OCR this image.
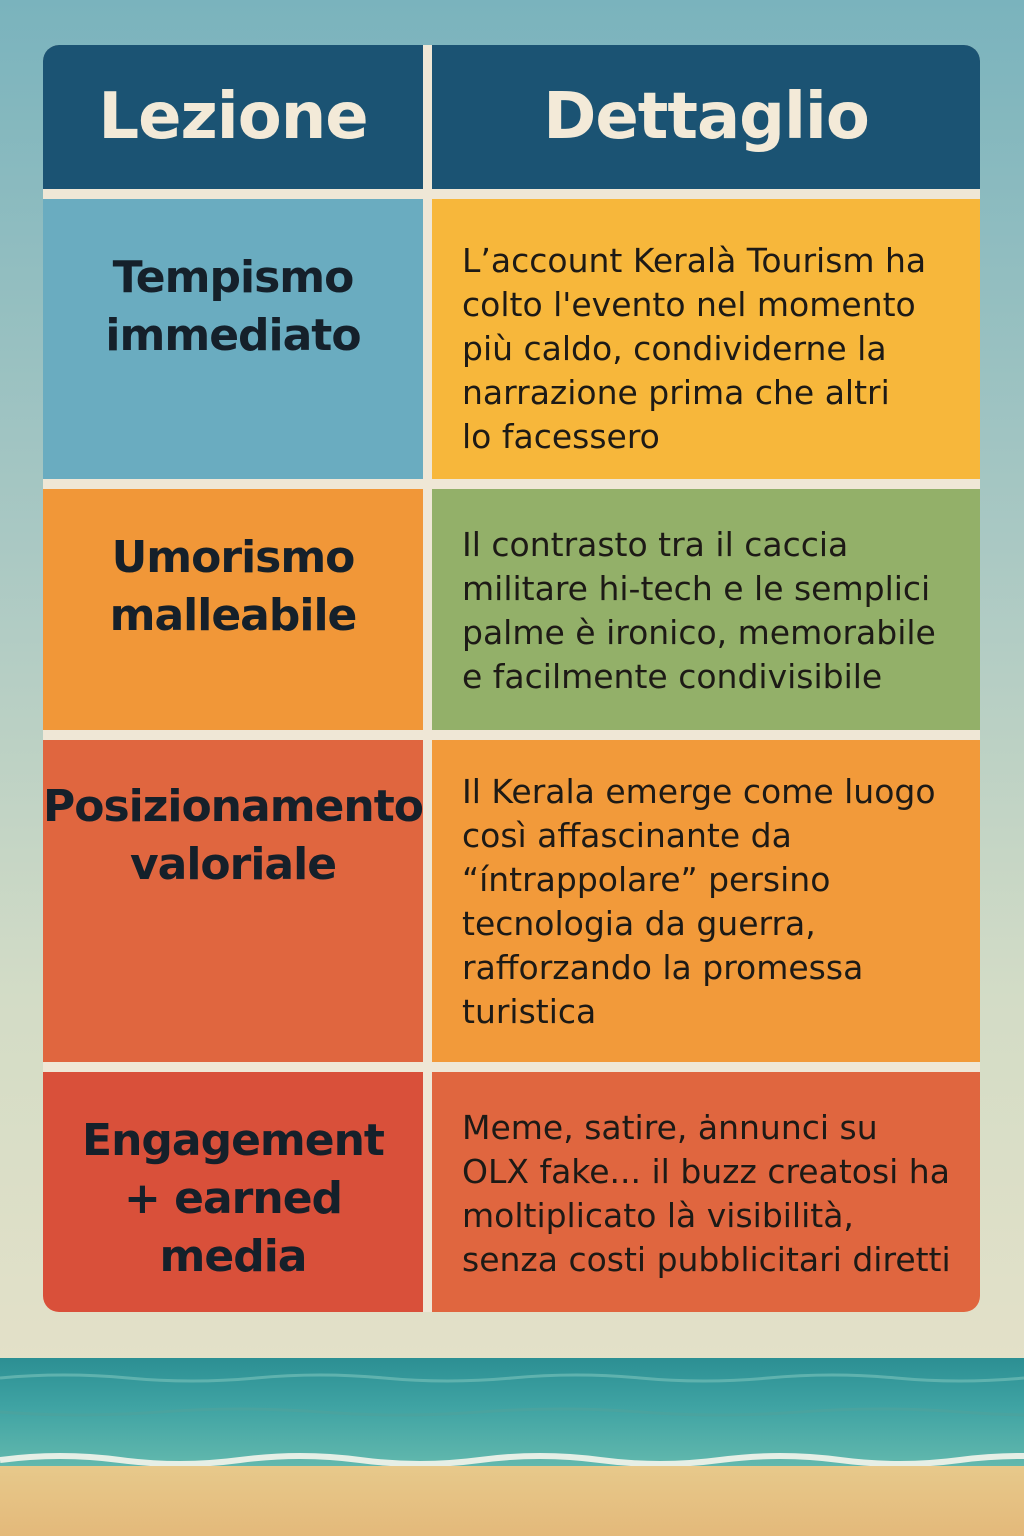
Lezione	Dettaglio
Tempismo
immediato
L’account Keralà Tourism ha
colto l'evento nel momento
più caldo, condividerne la
narrazione prima che altri
lo facessero
Umorismo
malleabile
Il contrasto tra il caccia
militare hi-tech e le semplici
palme è ironico, memorabile
e facilmente condivisibile
Posizionamento
valoriale
Il Kerala emerge come luogo
così affascinante da
“íntrappolare” persino
tecnologia da guerra,
rafforzando la promessa
turistica
Engagement
+ earned media
Meme, satire, ȧnnunci su
OLX fake... il buzz creatosi ha
moltiplicato là visibilità,
senza costi pubblicitari diretti
